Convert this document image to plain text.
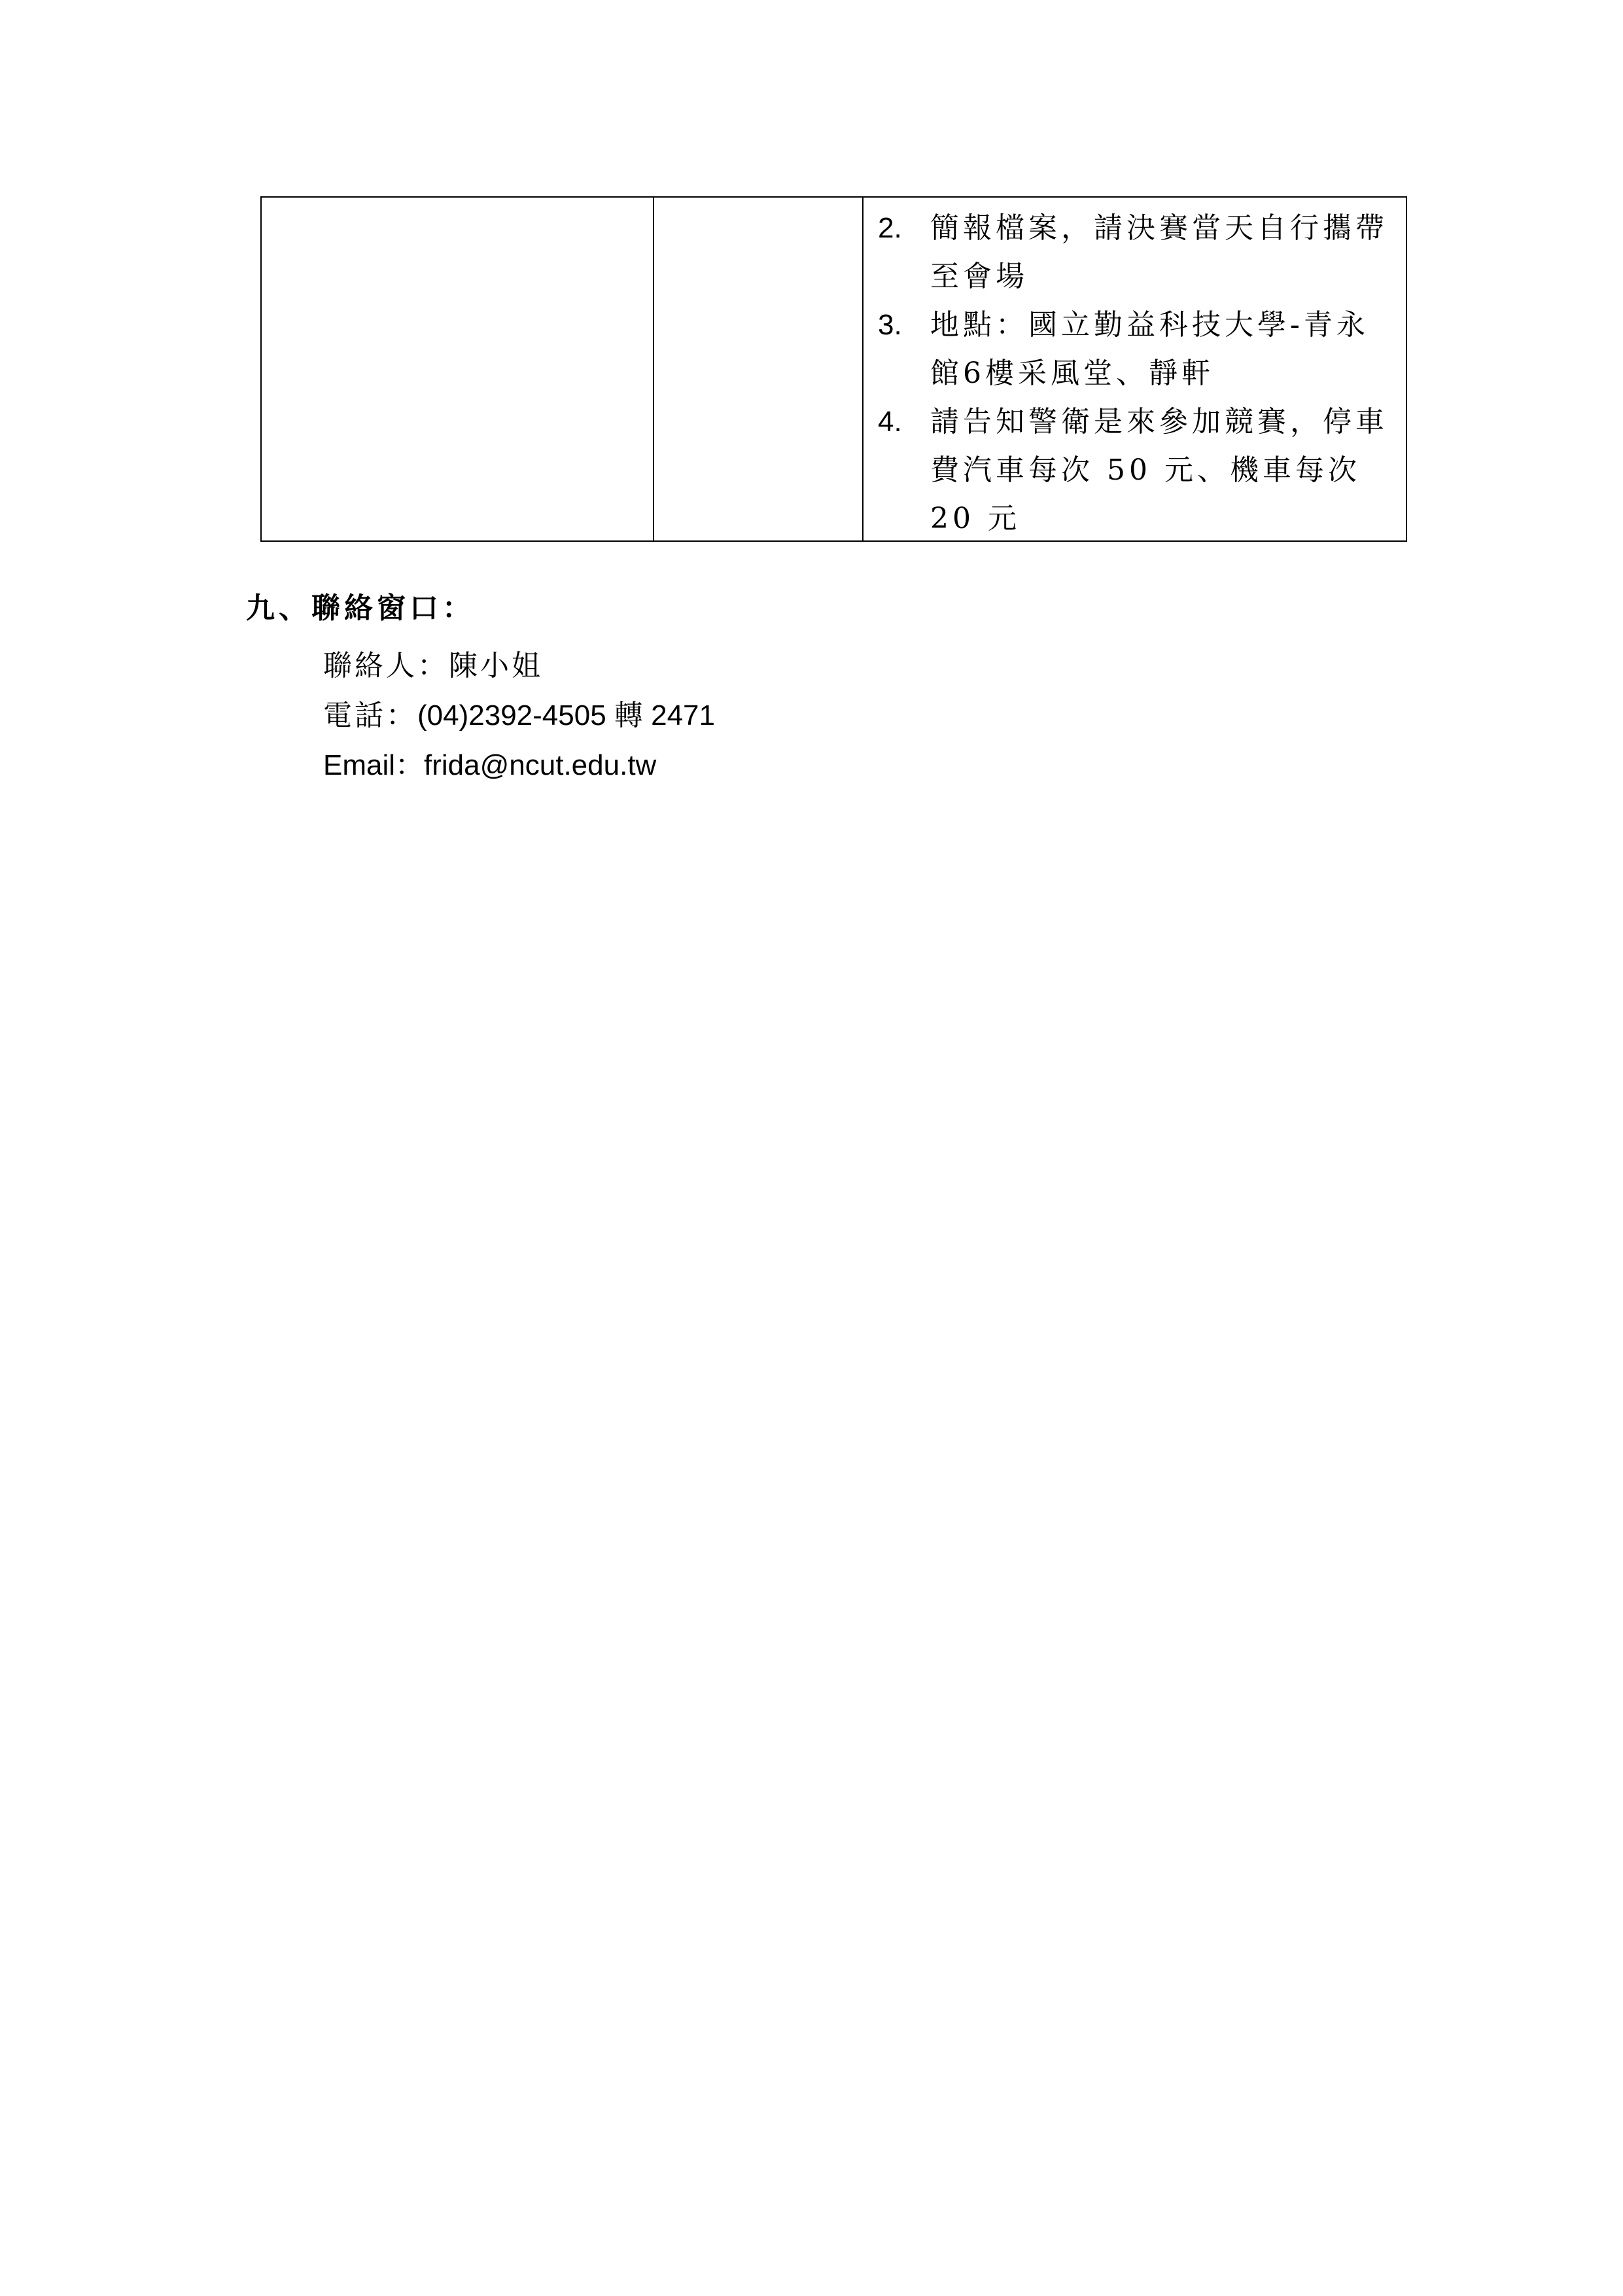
2. 簡報檔案，請決賽當天自行攜帶至會場
3. 地點：國立勤益科技大學-青永館6樓采風堂、靜軒
4. 請告知警衛是來參加競賽，停車費汽車每次 50 元、機車每次 20 元
九、聯絡窗口：
聯絡人：陳小姐
電話：(04)2392-4505 轉 2471
Email：frida@ncut.edu.tw
